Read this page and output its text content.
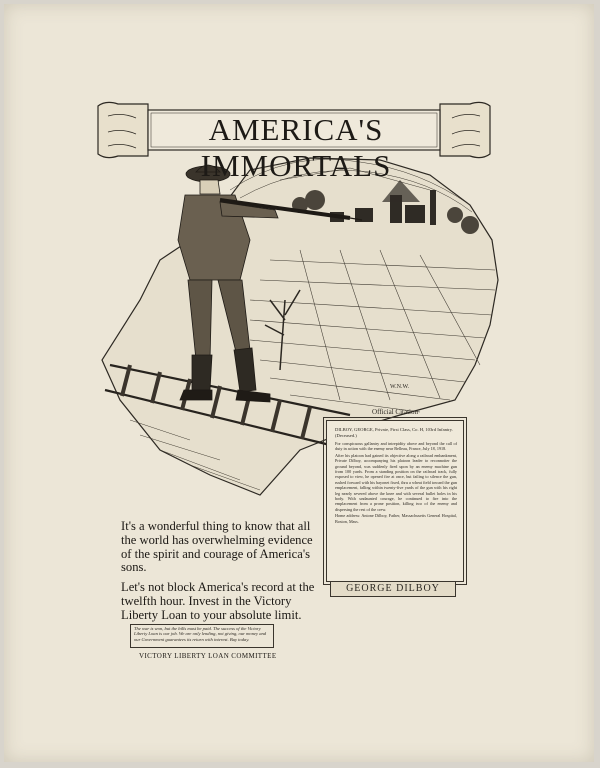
W.N.W.
AMERICA'S IMMORTALS
Official Citation
DILBOY, GEORGE, Private, First Class, Co. H, 103rd Infantry. (Deceased.)

For conspicuous gallantry and intrepidity above and beyond the call of duty in action with the enemy near Belleau, France, July 18, 1918.

After his platoon had gained its objective along a railroad embankment, Private Dilboy, accompanying his platoon leader to reconnoiter the ground beyond, was suddenly fired upon by an enemy machine gun from 100 yards. From a standing position on the railroad track, fully exposed to view, he opened fire at once, but failing to silence the gun, rushed forward with his bayonet fixed, thru a wheat field toward the gun emplacement, falling within twenty-five yards of the gun with his right leg nearly severed above the knee and with several bullet holes in his body. With undaunted courage, he continued to fire into the emplacement from a prone position, killing two of the enemy and dispersing the rest of the crew.

Home address: Antone Dilboy, Father, Massachusetts General Hospital, Boston, Mass.

GEORGE DILBOY

It's a wonderful thing to know that all the world has overwhelming evidence of the spirit and courage of America's sons.

Let's not block America's record at the twelfth hour. Invest in the Victory Liberty Loan to your absolute limit.

The war is won, but the bills must be paid. The success of the Victory Liberty Loan is our job. We are only lending, not giving, our money and our Government guarantees its return with interest. Buy today.
VICTORY LIBERTY LOAN COMMITTEE
